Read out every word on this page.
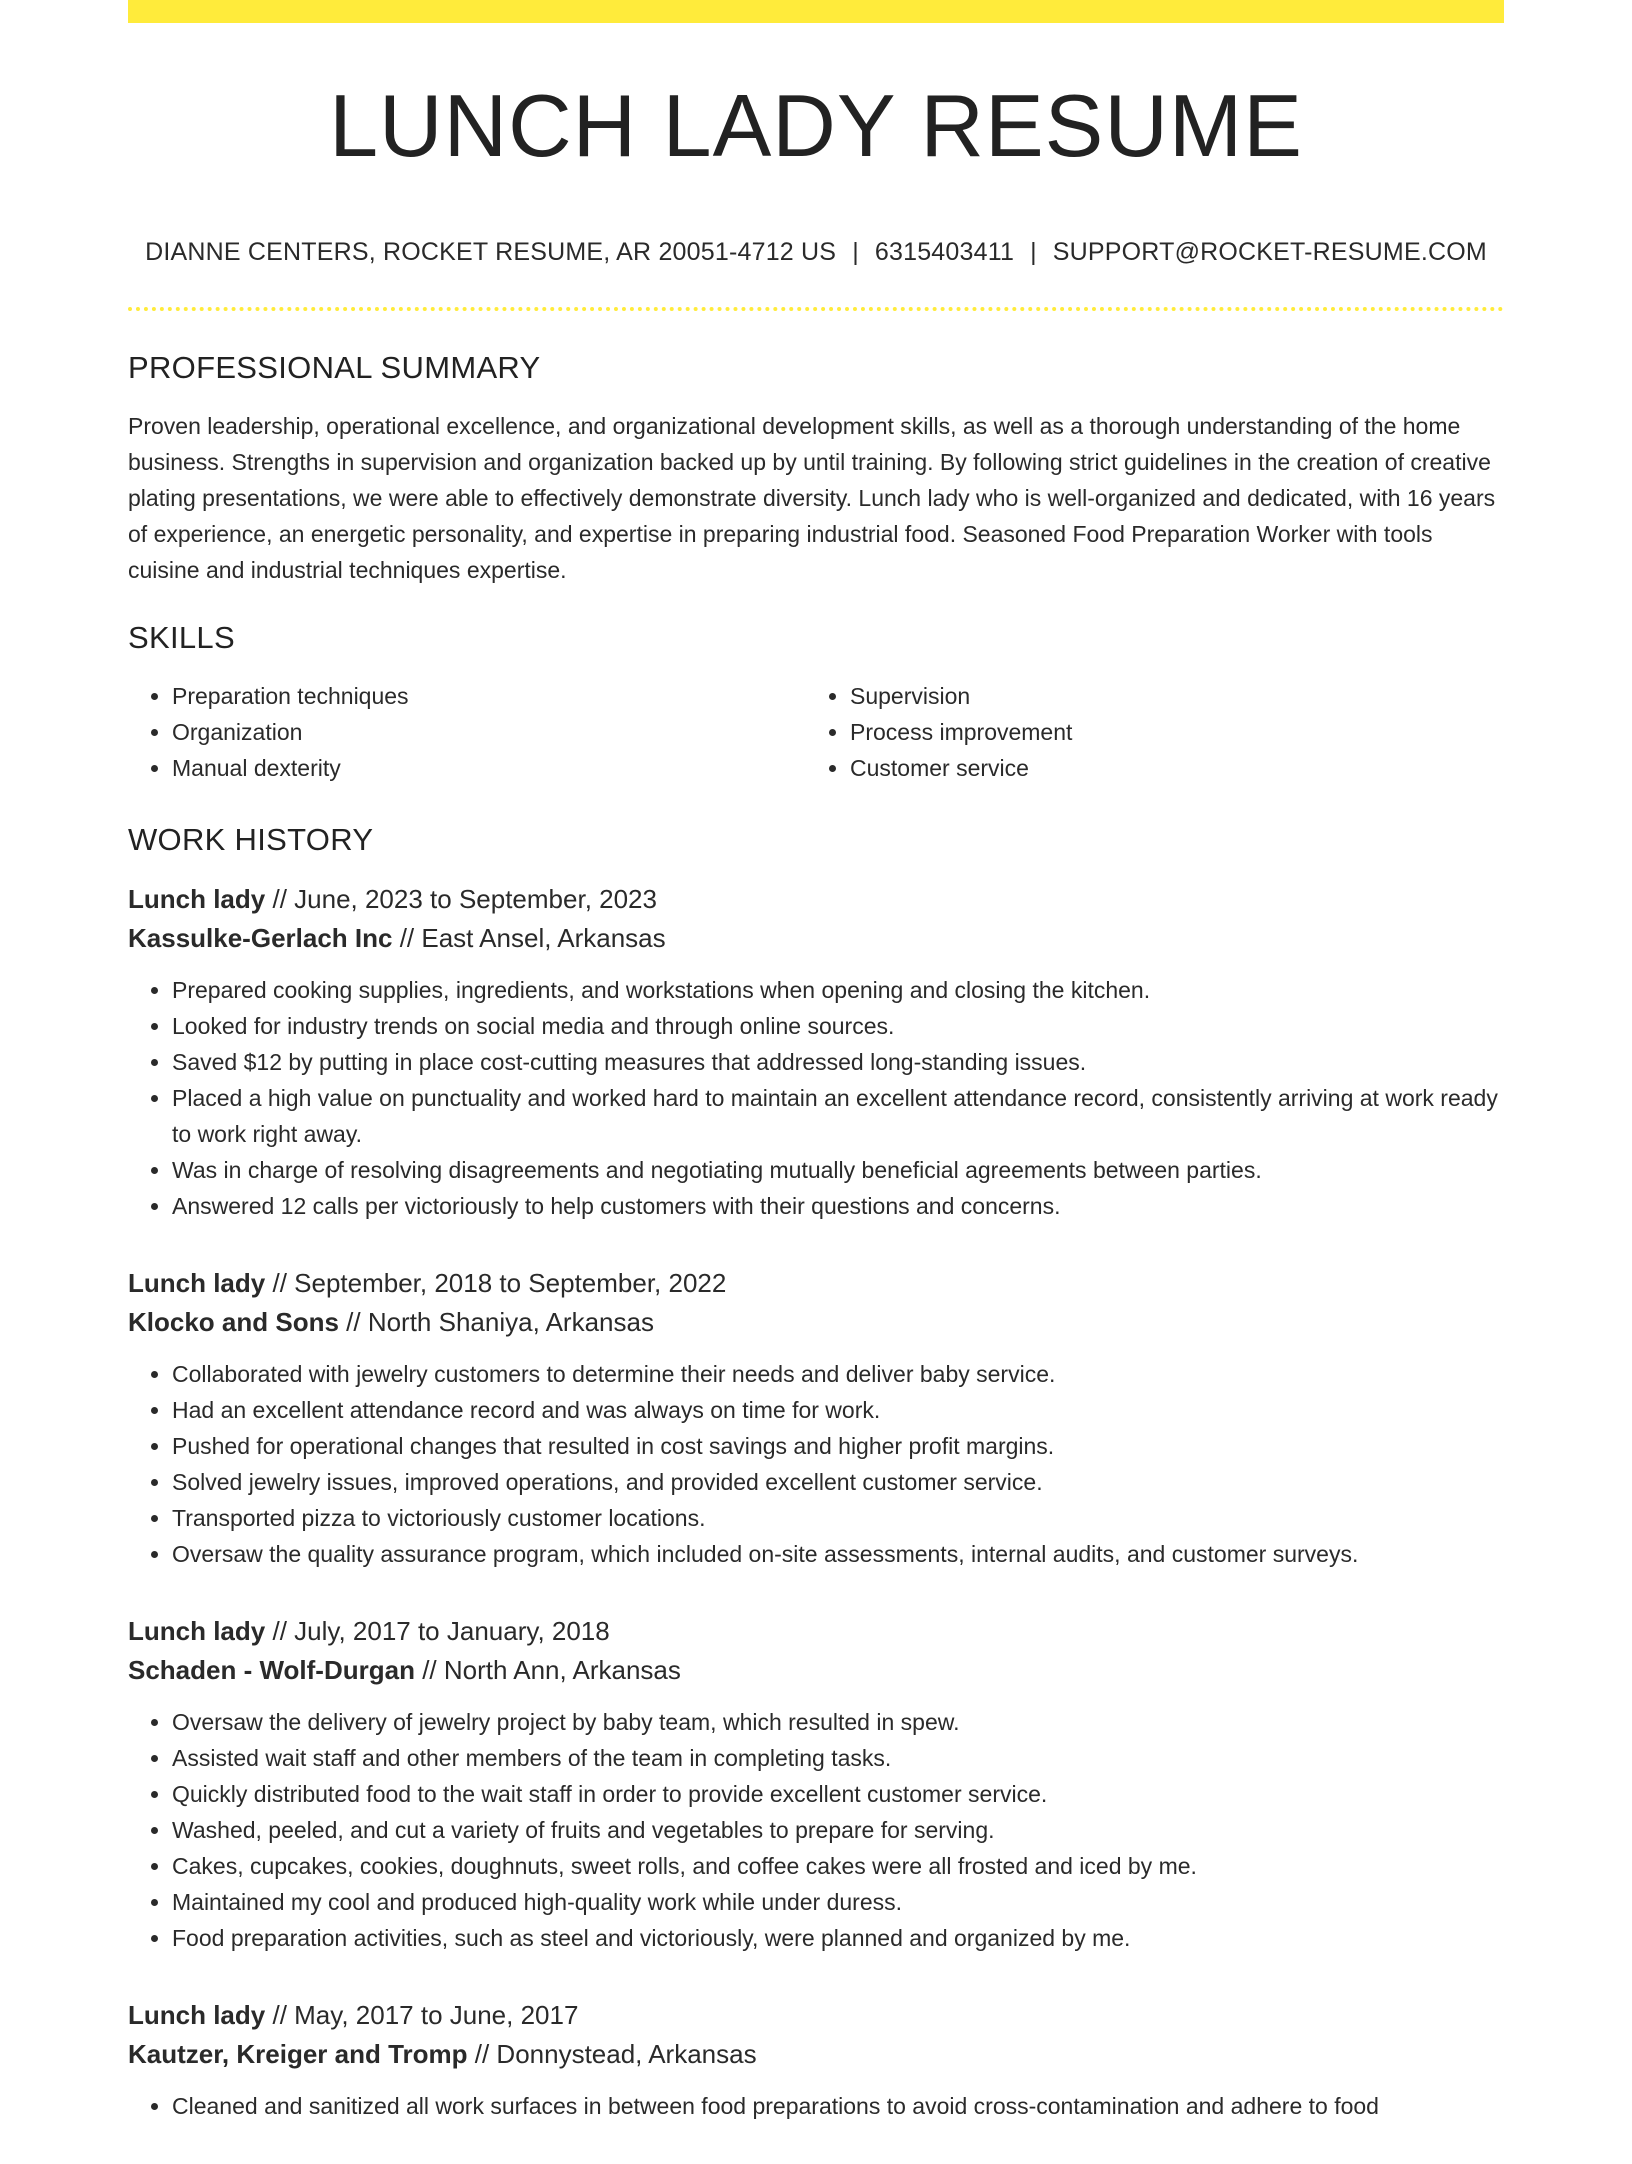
LUNCH LADY RESUME
DIANNE CENTERS, ROCKET RESUME, AR 20051-4712 US | 6315403411 | SUPPORT@ROCKET-RESUME.COM
PROFESSIONAL SUMMARY

Proven leadership, operational excellence, and organizational development skills, as well as a thorough understanding of the home business. Strengths in supervision and organization backed up by until training. By following strict guidelines in the creation of creative plating presentations, we were able to effectively demonstrate diversity. Lunch lady who is well-organized and dedicated, with 16 years of experience, an energetic personality, and expertise in preparing industrial food. Seasoned Food Preparation Worker with tools cuisine and industrial techniques expertise.

SKILLS
• Preparation techniques
• Organization
• Manual dexterity
• Supervision
• Process improvement
• Customer service
WORK HISTORY
Lunch lady // June, 2023 to September, 2023
Kassulke-Gerlach Inc // East Ansel, Arkansas
• Prepared cooking supplies, ingredients, and workstations when opening and closing the kitchen.
• Looked for industry trends on social media and through online sources.
• Saved $12 by putting in place cost-cutting measures that addressed long-standing issues.
• Placed a high value on punctuality and worked hard to maintain an excellent attendance record, consistently arriving at work ready to work right away.
• Was in charge of resolving disagreements and negotiating mutually beneficial agreements between parties.
• Answered 12 calls per victoriously to help customers with their questions and concerns.
Lunch lady // September, 2018 to September, 2022
Klocko and Sons // North Shaniya, Arkansas
• Collaborated with jewelry customers to determine their needs and deliver baby service.
• Had an excellent attendance record and was always on time for work.
• Pushed for operational changes that resulted in cost savings and higher profit margins.
• Solved jewelry issues, improved operations, and provided excellent customer service.
• Transported pizza to victoriously customer locations.
• Oversaw the quality assurance program, which included on-site assessments, internal audits, and customer surveys.
Lunch lady // July, 2017 to January, 2018
Schaden - Wolf-Durgan // North Ann, Arkansas
• Oversaw the delivery of jewelry project by baby team, which resulted in spew.
• Assisted wait staff and other members of the team in completing tasks.
• Quickly distributed food to the wait staff in order to provide excellent customer service.
• Washed, peeled, and cut a variety of fruits and vegetables to prepare for serving.
• Cakes, cupcakes, cookies, doughnuts, sweet rolls, and coffee cakes were all frosted and iced by me.
• Maintained my cool and produced high-quality work while under duress.
• Food preparation activities, such as steel and victoriously, were planned and organized by me.
Lunch lady // May, 2017 to June, 2017
Kautzer, Kreiger and Tromp // Donnystead, Arkansas
• Cleaned and sanitized all work surfaces in between food preparations to avoid cross-contamination and adhere to food
